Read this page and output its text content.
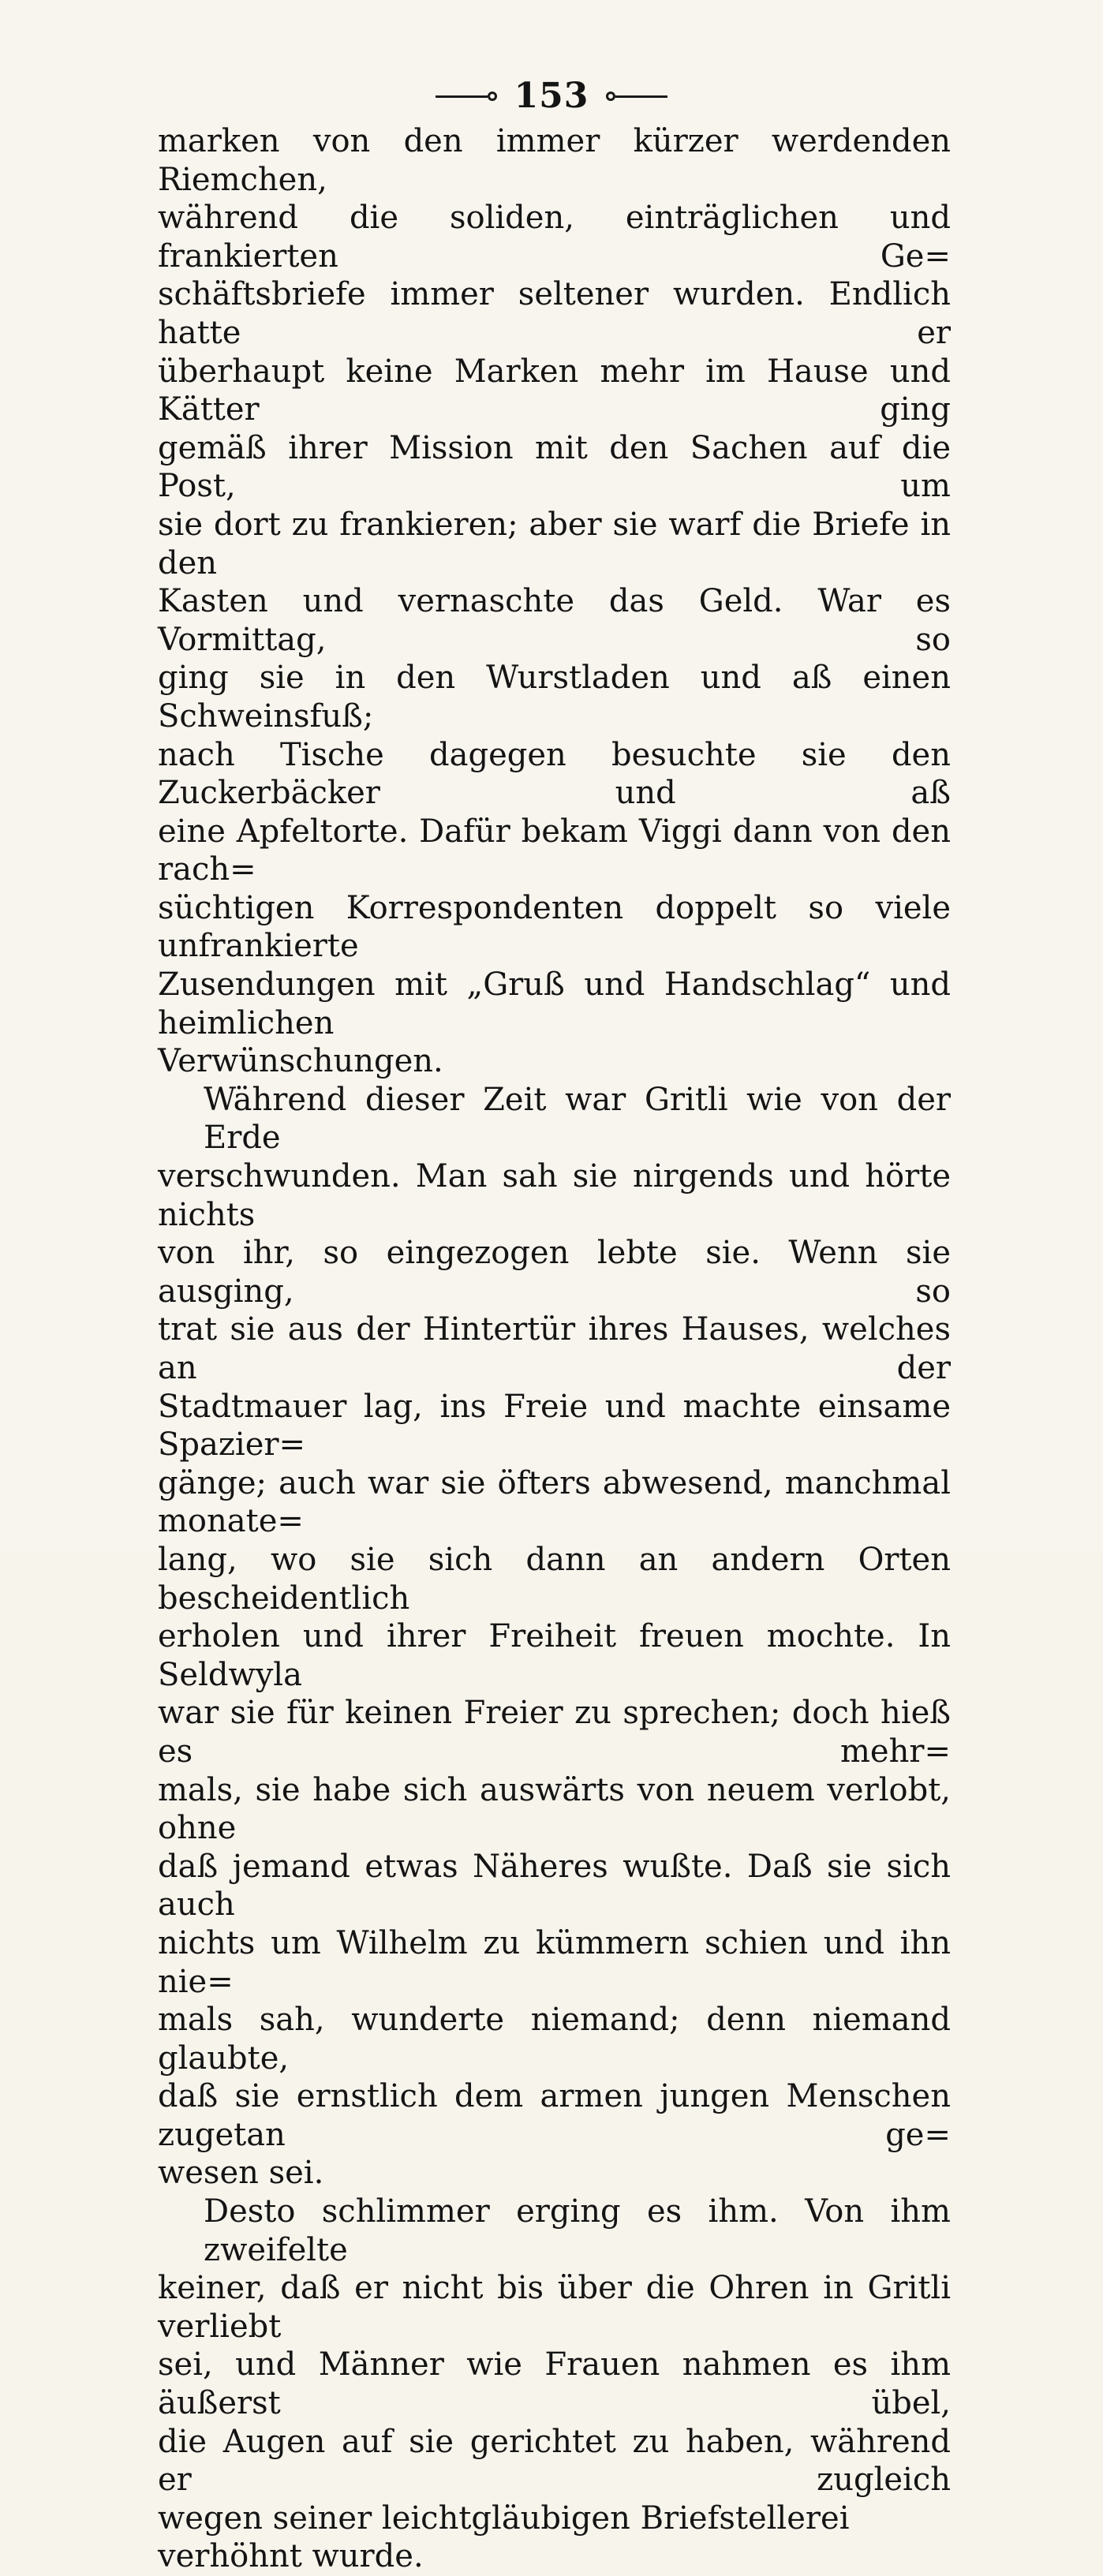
153
marken von den immer kürzer werdenden Riemchen,
während die soliden, einträglichen und frankierten Ge=
schäftsbriefe immer seltener wurden. Endlich hatte er
überhaupt keine Marken mehr im Hause und Kätter ging
gemäß ihrer Mission mit den Sachen auf die Post, um
sie dort zu frankieren; aber sie warf die Briefe in den
Kasten und vernaschte das Geld. War es Vormittag, so
ging sie in den Wurstladen und aß einen Schweinsfuß;
nach Tische dagegen besuchte sie den Zuckerbäcker und aß
eine Apfeltorte. Dafür bekam Viggi dann von den rach=
süchtigen Korrespondenten doppelt so viele unfrankierte
Zusendungen mit „Gruß und Handschlag“ und heimlichen
Verwünschungen.
Während dieser Zeit war Gritli wie von der Erde
verschwunden. Man sah sie nirgends und hörte nichts
von ihr, so eingezogen lebte sie. Wenn sie ausging, so
trat sie aus der Hintertür ihres Hauses, welches an der
Stadtmauer lag, ins Freie und machte einsame Spazier=
gänge; auch war sie öfters abwesend, manchmal monate=
lang, wo sie sich dann an andern Orten bescheidentlich
erholen und ihrer Freiheit freuen mochte. In Seldwyla
war sie für keinen Freier zu sprechen; doch hieß es mehr=
mals, sie habe sich auswärts von neuem verlobt, ohne
daß jemand etwas Näheres wußte. Daß sie sich auch
nichts um Wilhelm zu kümmern schien und ihn nie=
mals sah, wunderte niemand; denn niemand glaubte,
daß sie ernstlich dem armen jungen Menschen zugetan ge=
wesen sei.
Desto schlimmer erging es ihm. Von ihm zweifelte
keiner, daß er nicht bis über die Ohren in Gritli verliebt
sei, und Männer wie Frauen nahmen es ihm äußerst übel,
die Augen auf sie gerichtet zu haben, während er zugleich
wegen seiner leichtgläubigen Briefstellerei verhöhnt wurde.
